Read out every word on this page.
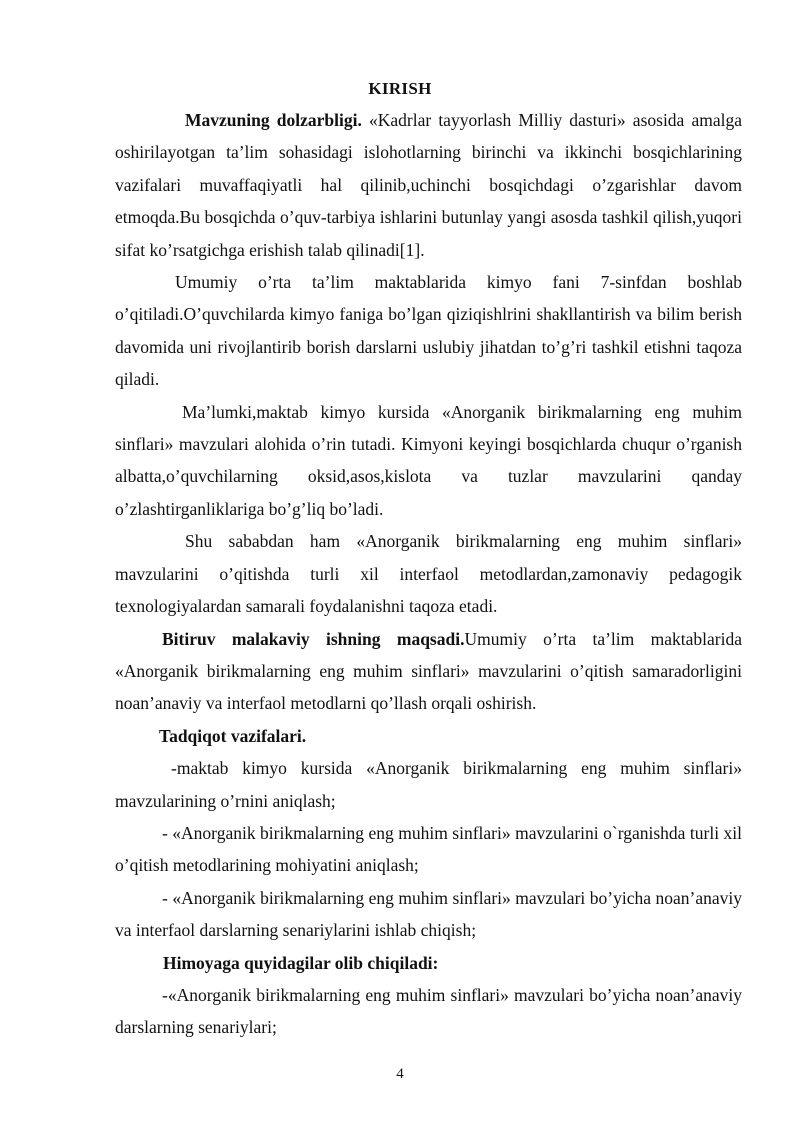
KIRISH

Mavzuning dolzarbligi. «Kadrlar tayyorlash Milliy dasturi» asosida amalga oshirilayotgan ta’lim sohasidagi islohotlarning birinchi va ikkinchi bosqichlarining vazifalari muvaffaqiyatli hal qilinib,uchinchi bosqichdagi o’zgarishlar davom etmoqda.Bu bosqichda o’quv-tarbiya ishlarini butunlay yangi asosda tashkil qilish,yuqori sifat ko’rsatgichga erishish talab qilinadi[1].

Umumiy o’rta ta’lim maktablarida kimyo fani 7-sinfdan boshlab o’qitiladi.O’quvchilarda kimyo faniga bo’lgan qiziqishlrini shakllantirish va bilim berish davomida uni rivojlantirib borish darslarni uslubiy jihatdan to’g’ri tashkil etishni taqoza qiladi.

Ma’lumki,maktab kimyo kursida «Anorganik birikmalarning eng muhim sinflari» mavzulari alohida o’rin tutadi. Kimyoni keyingi bosqichlarda chuqur o’rganish albatta,o’quvchilarning oksid,asos,kislota va tuzlar mavzularini qanday o’zlashtirganliklariga bo’g’liq bo’ladi.

Shu sababdan ham «Anorganik birikmalarning eng muhim sinflari» mavzularini o’qitishda turli xil interfaol metodlardan,zamonaviy pedagogik texnologiyalardan samarali foydalanishni taqoza etadi.

Bitiruv malakaviy ishning maqsadi.Umumiy o’rta ta’lim maktablarida «Anorganik birikmalarning eng muhim sinflari» mavzularini o’qitish samaradorligini noan’anaviy va interfaol metodlarni qo’llash orqali oshirish.

Tadqiqot vazifalari.

-maktab kimyo kursida «Anorganik birikmalarning eng muhim sinflari» mavzularining o’rnini aniqlash;

- «Anorganik birikmalarning eng muhim sinflari» mavzularini o`rganishda turli xil o’qitish metodlarining mohiyatini aniqlash;

- «Anorganik birikmalarning eng muhim sinflari» mavzulari bo’yicha noan’anaviy va interfaol darslarning senariylarini ishlab chiqish;

Himoyaga quyidagilar olib chiqiladi:

-«Anorganik birikmalarning eng muhim sinflari» mavzulari bo’yicha noan’anaviy darslarning senariylari;

4
